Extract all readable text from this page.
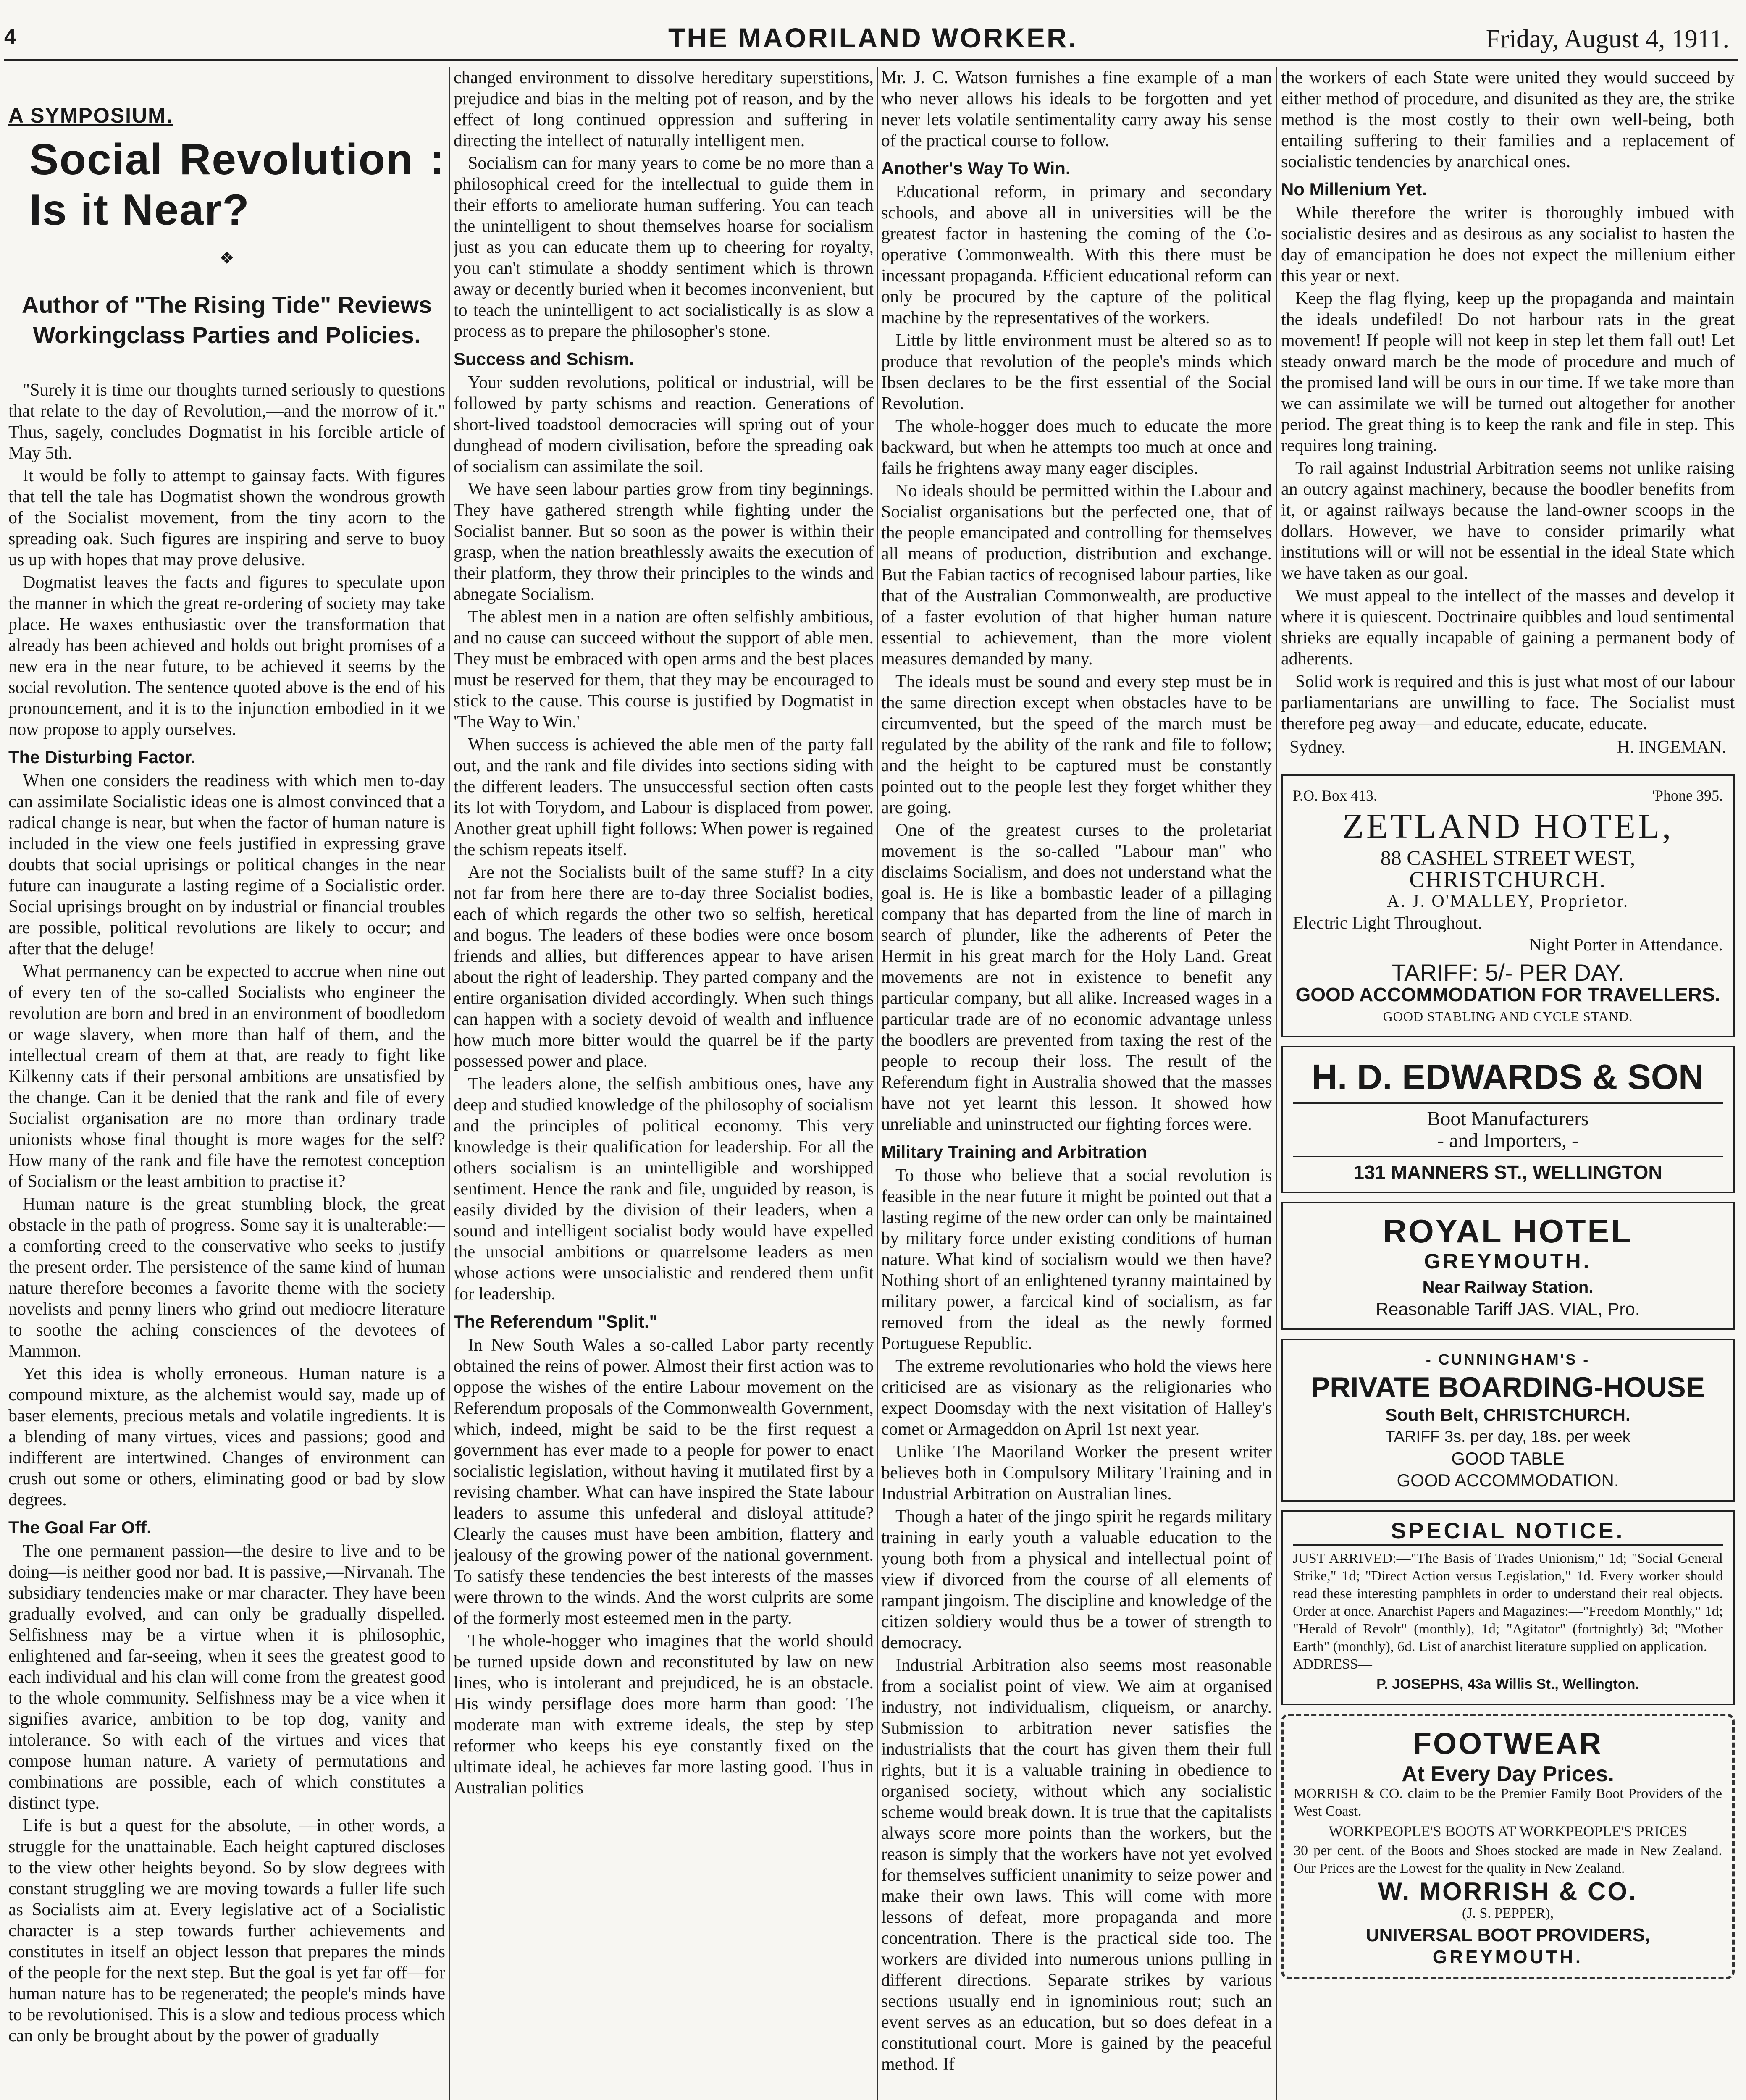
4	THE MAORILAND WORKER.	Friday, August 4, 1911.
A SYMPOSIUM.
Social Revolution : Is it Near?
❖
Author of "The Rising Tide" Reviews Workingclass Parties and Policies.

"Surely it is time our thoughts turned seriously to questions that relate to the day of Revolution,—and the morrow of it." Thus, sagely, concludes Dogmatist in his forcible article of May 5th.

It would be folly to attempt to gainsay facts. With figures that tell the tale has Dogmatist shown the wondrous growth of the Socialist movement, from the tiny acorn to the spreading oak. Such figures are inspiring and serve to buoy us up with hopes that may prove delusive.

Dogmatist leaves the facts and figures to speculate upon the manner in which the great re-ordering of society may take place. He waxes enthusiastic over the transformation that already has been achieved and holds out bright promises of a new era in the near future, to be achieved it seems by the social revolution. The sentence quoted above is the end of his pronouncement, and it is to the injunction embodied in it we now propose to apply ourselves.

The Disturbing Factor.

When one considers the readiness with which men to-day can assimilate Socialistic ideas one is almost convinced that a radical change is near, but when the factor of human nature is included in the view one feels justified in expressing grave doubts that social uprisings or political changes in the near future can inaugurate a lasting regime of a Socialistic order. Social uprisings brought on by industrial or financial troubles are possible, political revolutions are likely to occur; and after that the deluge!

What permanency can be expected to accrue when nine out of every ten of the so-called Socialists who engineer the revolution are born and bred in an environment of boodledom or wage slavery, when more than half of them, and the intellectual cream of them at that, are ready to fight like Kilkenny cats if their personal ambitions are unsatisfied by the change. Can it be denied that the rank and file of every Socialist organisation are no more than ordinary trade unionists whose final thought is more wages for the self? How many of the rank and file have the remotest conception of Socialism or the least ambition to practise it?

Human nature is the great stumbling block, the great obstacle in the path of progress. Some say it is unalterable:—a comforting creed to the conservative who seeks to justify the present order. The persistence of the same kind of human nature therefore becomes a favorite theme with the society novelists and penny liners who grind out mediocre literature to soothe the aching consciences of the devotees of Mammon.

Yet this idea is wholly erroneous. Human nature is a compound mixture, as the alchemist would say, made up of baser elements, precious metals and volatile ingredients. It is a blending of many virtues, vices and passions; good and indifferent are intertwined. Changes of environment can crush out some or others, eliminating good or bad by slow degrees.

The Goal Far Off.

The one permanent passion—the desire to live and to be doing—is neither good nor bad. It is passive,—Nirvanah. The subsidiary tendencies make or mar character. They have been gradually evolved, and can only be gradually dispelled. Selfishness may be a virtue when it is philosophic, enlightened and far-seeing, when it sees the greatest good to each individual and his clan will come from the greatest good to the whole community. Selfishness may be a vice when it signifies avarice, ambition to be top dog, vanity and intolerance. So with each of the virtues and vices that compose human nature. A variety of permutations and combinations are possible, each of which constitutes a distinct type.

Life is but a quest for the absolute, —in other words, a struggle for the unattainable. Each height captured discloses to the view other heights beyond. So by slow degrees with constant struggling we are moving towards a fuller life such as Socialists aim at. Every legislative act of a Socialistic character is a step towards further achievements and constitutes in itself an object lesson that prepares the minds of the people for the next step. But the goal is yet far off—for human nature has to be regenerated; the people's minds have to be revolutionised. This is a slow and tedious process which can only be brought about by the power of gradually

changed environment to dissolve hereditary superstitions, prejudice and bias in the melting pot of reason, and by the effect of long continued oppression and suffering in directing the intellect of naturally intelligent men.

Socialism can for many years to come be no more than a philosophical creed for the intellectual to guide them in their efforts to ameliorate human suffering. You can teach the unintelligent to shout themselves hoarse for socialism just as you can educate them up to cheering for royalty, you can't stimulate a shoddy sentiment which is thrown away or decently buried when it becomes inconvenient, but to teach the unintelligent to act socialistically is as slow a process as to prepare the philosopher's stone.

Success and Schism.

Your sudden revolutions, political or industrial, will be followed by party schisms and reaction. Generations of short-lived toadstool democracies will spring out of your dunghead of modern civilisation, before the spreading oak of socialism can assimilate the soil.

We have seen labour parties grow from tiny beginnings. They have gathered strength while fighting under the Socialist banner. But so soon as the power is within their grasp, when the nation breathlessly awaits the execution of their platform, they throw their principles to the winds and abnegate Socialism.

The ablest men in a nation are often selfishly ambitious, and no cause can succeed without the support of able men. They must be embraced with open arms and the best places must be reserved for them, that they may be encouraged to stick to the cause. This course is justified by Dogmatist in 'The Way to Win.'

When success is achieved the able men of the party fall out, and the rank and file divides into sections siding with the different leaders. The unsuccessful section often casts its lot with Torydom, and Labour is displaced from power. Another great uphill fight follows: When power is regained the schism repeats itself.

Are not the Socialists built of the same stuff? In a city not far from here there are to-day three Socialist bodies, each of which regards the other two so selfish, heretical and bogus. The leaders of these bodies were once bosom friends and allies, but differences appear to have arisen about the right of leadership. They parted company and the entire organisation divided accordingly. When such things can happen with a society devoid of wealth and influence how much more bitter would the quarrel be if the party possessed power and place.

The leaders alone, the selfish ambitious ones, have any deep and studied knowledge of the philosophy of socialism and the principles of political economy. This very knowledge is their qualification for leadership. For all the others socialism is an unintelligible and worshipped sentiment. Hence the rank and file, unguided by reason, is easily divided by the division of their leaders, when a sound and intelligent socialist body would have expelled the unsocial ambitions or quarrelsome leaders as men whose actions were unsocialistic and rendered them unfit for leadership.

The Referendum "Split."

In New South Wales a so-called Labor party recently obtained the reins of power. Almost their first action was to oppose the wishes of the entire Labour movement on the Referendum proposals of the Commonwealth Government, which, indeed, might be said to be the first request a government has ever made to a people for power to enact socialistic legislation, without having it mutilated first by a revising chamber. What can have inspired the State labour leaders to assume this unfederal and disloyal attitude? Clearly the causes must have been ambition, flattery and jealousy of the growing power of the national government. To satisfy these tendencies the best interests of the masses were thrown to the winds. And the worst culprits are some of the formerly most esteemed men in the party.

The whole-hogger who imagines that the world should be turned upside down and reconstituted by law on new lines, who is intolerant and prejudiced, he is an obstacle. His windy persiflage does more harm than good: The moderate man with extreme ideals, the step by step reformer who keeps his eye constantly fixed on the ultimate ideal, he achieves far more lasting good. Thus in Australian politics

Mr. J. C. Watson furnishes a fine example of a man who never allows his ideals to be forgotten and yet never lets volatile sentimentality carry away his sense of the practical course to follow.

Another's Way To Win.

Educational reform, in primary and secondary schools, and above all in universities will be the greatest factor in hastening the coming of the Co-operative Commonwealth. With this there must be incessant propaganda. Efficient educational reform can only be procured by the capture of the political machine by the representatives of the workers.

Little by little environment must be altered so as to produce that revolution of the people's minds which Ibsen declares to be the first essential of the Social Revolution.

The whole-hogger does much to educate the more backward, but when he attempts too much at once and fails he frightens away many eager disciples.

No ideals should be permitted within the Labour and Socialist organisations but the perfected one, that of the people emancipated and controlling for themselves all means of production, distribution and exchange. But the Fabian tactics of recognised labour parties, like that of the Australian Commonwealth, are productive of a faster evolution of that higher human nature essential to achievement, than the more violent measures demanded by many.

The ideals must be sound and every step must be in the same direction except when obstacles have to be circumvented, but the speed of the march must be regulated by the ability of the rank and file to follow; and the height to be captured must be constantly pointed out to the people lest they forget whither they are going.

One of the greatest curses to the proletariat movement is the so-called "Labour man" who disclaims Socialism, and does not understand what the goal is. He is like a bombastic leader of a pillaging company that has departed from the line of march in search of plunder, like the adherents of Peter the Hermit in his great march for the Holy Land. Great movements are not in existence to benefit any particular company, but all alike. Increased wages in a particular trade are of no economic advantage unless the boodlers are prevented from taxing the rest of the people to recoup their loss. The result of the Referendum fight in Australia showed that the masses have not yet learnt this lesson. It showed how unreliable and uninstructed our fighting forces were.

Military Training and Arbitration

To those who believe that a social revolution is feasible in the near future it might be pointed out that a lasting regime of the new order can only be maintained by military force under existing conditions of human nature. What kind of socialism would we then have? Nothing short of an enlightened tyranny maintained by military power, a farcical kind of socialism, as far removed from the ideal as the newly formed Portuguese Republic.

The extreme revolutionaries who hold the views here criticised are as visionary as the religionaries who expect Doomsday with the next visitation of Halley's comet or Armageddon on April 1st next year.

Unlike The Maoriland Worker the present writer believes both in Compulsory Military Training and in Industrial Arbitration on Australian lines.

Though a hater of the jingo spirit he regards military training in early youth a valuable education to the young both from a physical and intellectual point of view if divorced from the course of all elements of rampant jingoism. The discipline and knowledge of the citizen soldiery would thus be a tower of strength to democracy.

Industrial Arbitration also seems most reasonable from a socialist point of view. We aim at organised industry, not individualism, cliqueism, or anarchy. Submission to arbitration never satisfies the industrialists that the court has given them their full rights, but it is a valuable training in obedience to organised society, without which any socialistic scheme would break down. It is true that the capitalists always score more points than the workers, but the reason is simply that the workers have not yet evolved for themselves sufficient unanimity to seize power and make their own laws. This will come with more lessons of defeat, more propaganda and more concentration. There is the practical side too. The workers are divided into numerous unions pulling in different directions. Separate strikes by various sections usually end in ignominious rout; such an event serves as an education, but so does defeat in a constitutional court. More is gained by the peaceful method. If

the workers of each State were united they would succeed by either method of procedure, and disunited as they are, the strike method is the most costly to their own well-being, both entailing suffering to their families and a replacement of socialistic tendencies by anarchical ones.

No Millenium Yet.

While therefore the writer is thoroughly imbued with socialistic desires and as desirous as any socialist to hasten the day of emancipation he does not expect the millenium either this year or next.

Keep the flag flying, keep up the propaganda and maintain the ideals undefiled! Do not harbour rats in the great movement! If people will not keep in step let them fall out! Let steady onward march be the mode of procedure and much of the promised land will be ours in our time. If we take more than we can assimilate we will be turned out altogether for another period. The great thing is to keep the rank and file in step. This requires long training.

To rail against Industrial Arbitration seems not unlike raising an outcry against machinery, because the boodler benefits from it, or against railways because the land-owner scoops in the dollars. However, we have to consider primarily what institutions will or will not be essential in the ideal State which we have taken as our goal.

We must appeal to the intellect of the masses and develop it where it is quiescent. Doctrinaire quibbles and loud sentimental shrieks are equally incapable of gaining a permanent body of adherents.

Solid work is required and this is just what most of our labour parliamentarians are unwilling to face. The Socialist must therefore peg away—and educate, educate, educate.

Sydney.	H. INGEMAN.
P.O. Box 413.	'Phone 395.
ZETLAND HOTEL,
88 CASHEL STREET WEST,
CHRISTCHURCH.
A. J. O'MALLEY, Proprietor.
Electric Light Throughout.
Night Porter in Attendance.
TARIFF: 5/- PER DAY.
GOOD ACCOMMODATION FOR TRAVELLERS.
GOOD STABLING AND CYCLE STAND.
H. D. EDWARDS & SON
Boot Manufacturers
- and Importers, -
131 MANNERS ST., WELLINGTON
ROYAL HOTEL
GREYMOUTH.
Near Railway Station.
Reasonable Tariff JAS. VIAL, Pro.
- CUNNINGHAM'S -
PRIVATE BOARDING-HOUSE
South Belt, CHRISTCHURCH.
TARIFF 3s. per day, 18s. per week
GOOD TABLE
GOOD ACCOMMODATION.
SPECIAL NOTICE.
JUST ARRIVED:—"The Basis of Trades Unionism," 1d; "Social General Strike," 1d; "Direct Action versus Legislation," 1d. Every worker should read these interesting pamphlets in order to understand their real objects. Order at once. Anarchist Papers and Magazines:—"Freedom Monthly," 1d; "Herald of Revolt" (monthly), 1d; "Agitator" (fortnightly) 3d; "Mother Earth" (monthly), 6d. List of anarchist literature supplied on application.
ADDRESS—
P. JOSEPHS, 43a Willis St., Wellington.
FOOTWEAR
At Every Day Prices.
MORRISH & CO. claim to be the Premier Family Boot Providers of the West Coast.
WORKPEOPLE'S BOOTS AT WORKPEOPLE'S PRICES
30 per cent. of the Boots and Shoes stocked are made in New Zealand. Our Prices are the Lowest for the quality in New Zealand.
W. MORRISH & CO.
(J. S. PEPPER),
UNIVERSAL BOOT PROVIDERS,
GREYMOUTH.
